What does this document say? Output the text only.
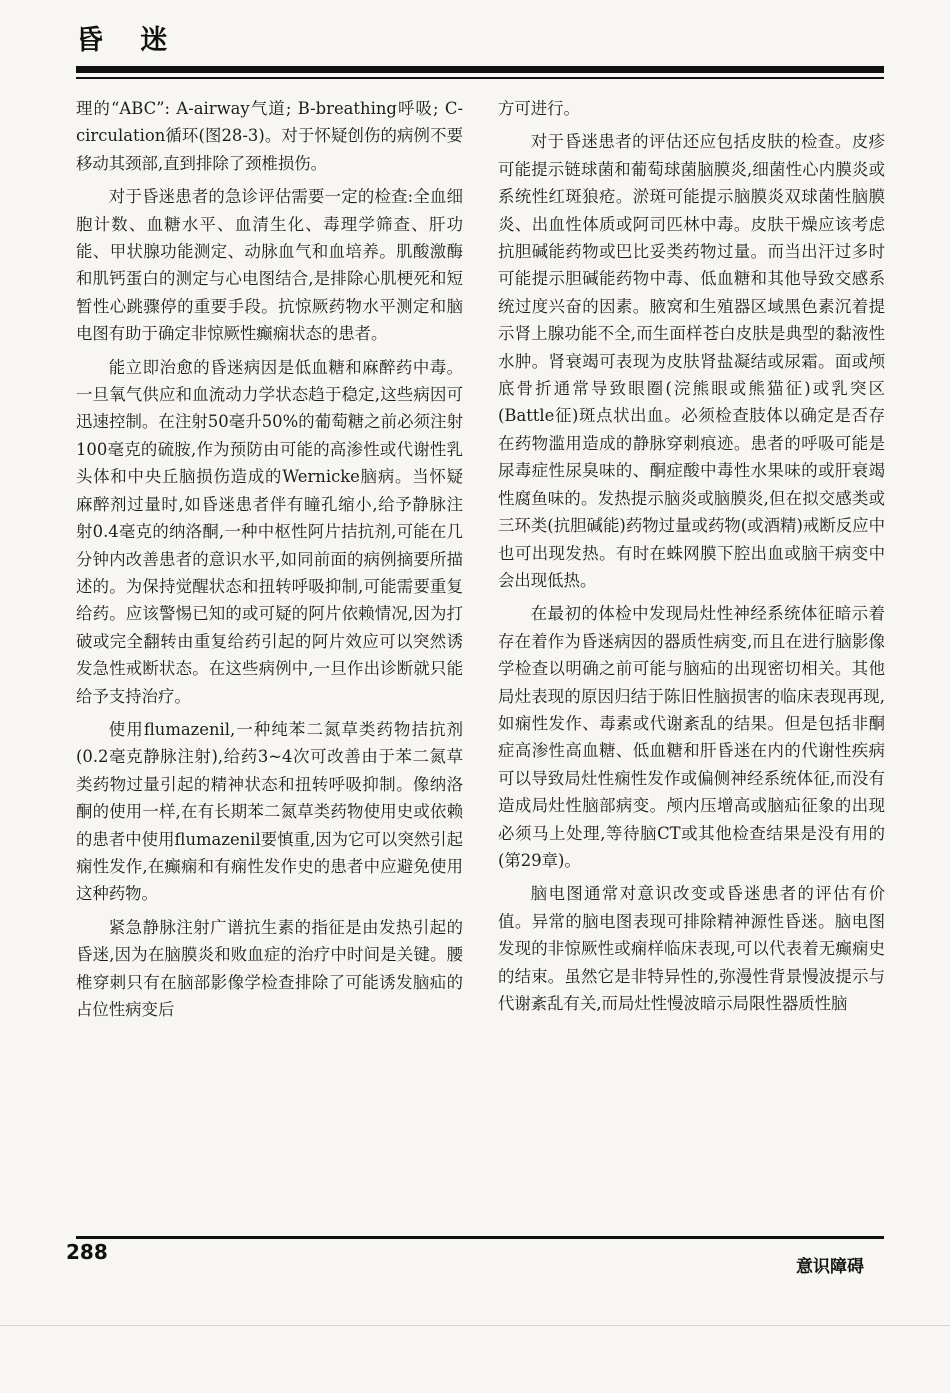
昏 迷

理的“ABC”: A-airway气道; B-breathing呼吸; C-circulation循环(图28-3)。对于怀疑创伤的病例不要移动其颈部,直到排除了颈椎损伤。

对于昏迷患者的急诊评估需要一定的检查:全血细胞计数、血糖水平、血清生化、毒理学筛查、肝功能、甲状腺功能测定、动脉血气和血培养。肌酸激酶和肌钙蛋白的测定与心电图结合,是排除心肌梗死和短暂性心跳骤停的重要手段。抗惊厥药物水平测定和脑电图有助于确定非惊厥性癫痫状态的患者。

能立即治愈的昏迷病因是低血糖和麻醉药中毒。一旦氧气供应和血流动力学状态趋于稳定,这些病因可迅速控制。在注射50毫升50%的葡萄糖之前必须注射100毫克的硫胺,作为预防由可能的高渗性或代谢性乳头体和中央丘脑损伤造成的Wernicke脑病。当怀疑麻醉剂过量时,如昏迷患者伴有瞳孔缩小,给予静脉注射0.4毫克的纳洛酮,一种中枢性阿片拮抗剂,可能在几分钟内改善患者的意识水平,如同前面的病例摘要所描述的。为保持觉醒状态和扭转呼吸抑制,可能需要重复给药。应该警惕已知的或可疑的阿片依赖情况,因为打破或完全翻转由重复给药引起的阿片效应可以突然诱发急性戒断状态。在这些病例中,一旦作出诊断就只能给予支持治疗。

使用flumazenil,一种纯苯二氮草类药物拮抗剂(0.2毫克静脉注射),给药3~4次可改善由于苯二氮草类药物过量引起的精神状态和扭转呼吸抑制。像纳洛酮的使用一样,在有长期苯二氮草类药物使用史或依赖的患者中使用flumazenil要慎重,因为它可以突然引起痫性发作,在癫痫和有痫性发作史的患者中应避免使用这种药物。

紧急静脉注射广谱抗生素的指征是由发热引起的昏迷,因为在脑膜炎和败血症的治疗中时间是关键。腰椎穿刺只有在脑部影像学检查排除了可能诱发脑疝的占位性病变后

方可进行。

对于昏迷患者的评估还应包括皮肤的检查。皮疹可能提示链球菌和葡萄球菌脑膜炎,细菌性心内膜炎或系统性红斑狼疮。淤斑可能提示脑膜炎双球菌性脑膜炎、出血性体质或阿司匹林中毒。皮肤干燥应该考虑抗胆碱能药物或巴比妥类药物过量。而当出汗过多时可能提示胆碱能药物中毒、低血糖和其他导致交感系统过度兴奋的因素。腋窝和生殖器区域黑色素沉着提示肾上腺功能不全,而生面样苍白皮肤是典型的黏液性水肿。肾衰竭可表现为皮肤肾盐凝结或尿霜。面或颅底骨折通常导致眼圈(浣熊眼或熊猫征)或乳突区(Battle征)斑点状出血。必须检查肢体以确定是否存在药物滥用造成的静脉穿刺痕迹。患者的呼吸可能是尿毒症性尿臭味的、酮症酸中毒性水果味的或肝衰竭性腐鱼味的。发热提示脑炎或脑膜炎,但在拟交感类或三环类(抗胆碱能)药物过量或药物(或酒精)戒断反应中也可出现发热。有时在蛛网膜下腔出血或脑干病变中会出现低热。

在最初的体检中发现局灶性神经系统体征暗示着存在着作为昏迷病因的器质性病变,而且在进行脑影像学检查以明确之前可能与脑疝的出现密切相关。其他局灶表现的原因归结于陈旧性脑损害的临床表现再现,如痫性发作、毒素或代谢紊乱的结果。但是包括非酮症高渗性高血糖、低血糖和肝昏迷在内的代谢性疾病可以导致局灶性痫性发作或偏侧神经系统体征,而没有造成局灶性脑部病变。颅内压增高或脑疝征象的出现必须马上处理,等待脑CT或其他检查结果是没有用的(第29章)。

脑电图通常对意识改变或昏迷患者的评估有价值。异常的脑电图表现可排除精神源性昏迷。脑电图发现的非惊厥性或痫样临床表现,可以代表着无癫痫史的结束。虽然它是非特异性的,弥漫性背景慢波提示与代谢紊乱有关,而局灶性慢波暗示局限性器质性脑

288
意识障碍
